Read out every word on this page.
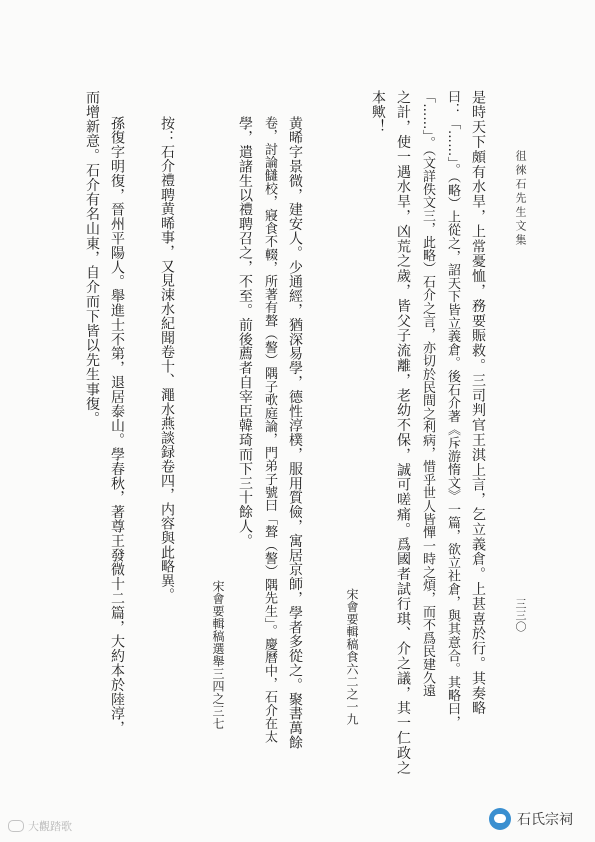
徂徠石先生文集
三三〇
是時天下頗有水旱，上常憂恤，務要賑救。三司判官王淇上言，乞立義倉。上甚喜於行。其奏略
曰：「……」。（略）上從之，詔天下皆立義倉。後石介著《斥游惰文》一篇，欲立社倉，與其意合。其略曰，
「……」。（文詳佚文三，此略）石介之言，亦切於民間之利病，惜乎世人皆憚一時之煩，而不爲民建久遠
之計，使一遇水旱，凶荒之歲，皆父子流離，老幼不保，誠可嗟痛。爲國者試行琪、介之議，其一仁政之
本歟！
宋會要輯稿食六二之一九
黄晞字景微，建安人。少通經，猶深易學，德性淳樸，服用質儉，寓居京師，學者多從之。聚書萬餘
卷，討論讎校，寢食不輟，所著有聱（謷）隅子㰤庭論，門弟子號曰「聱（謷）隅先生」。慶曆中，石介在太
學，遣諸生以禮聘召之，不至。前後薦者自宰臣韓琦而下三十餘人。
宋會要輯稿選舉三四之三七
按：石介禮聘黄晞事，又見涑水紀聞卷十、澠水燕談録卷四，内容與此略異。
孫復字明復，晉州平陽人。舉進士不第，退居泰山。學春秋，著尊王發微十二篇，大約本於陸淳，
而增新意。石介有名山東，自介而下皆以先生事復。
大觀踏歌	石氏宗祠
